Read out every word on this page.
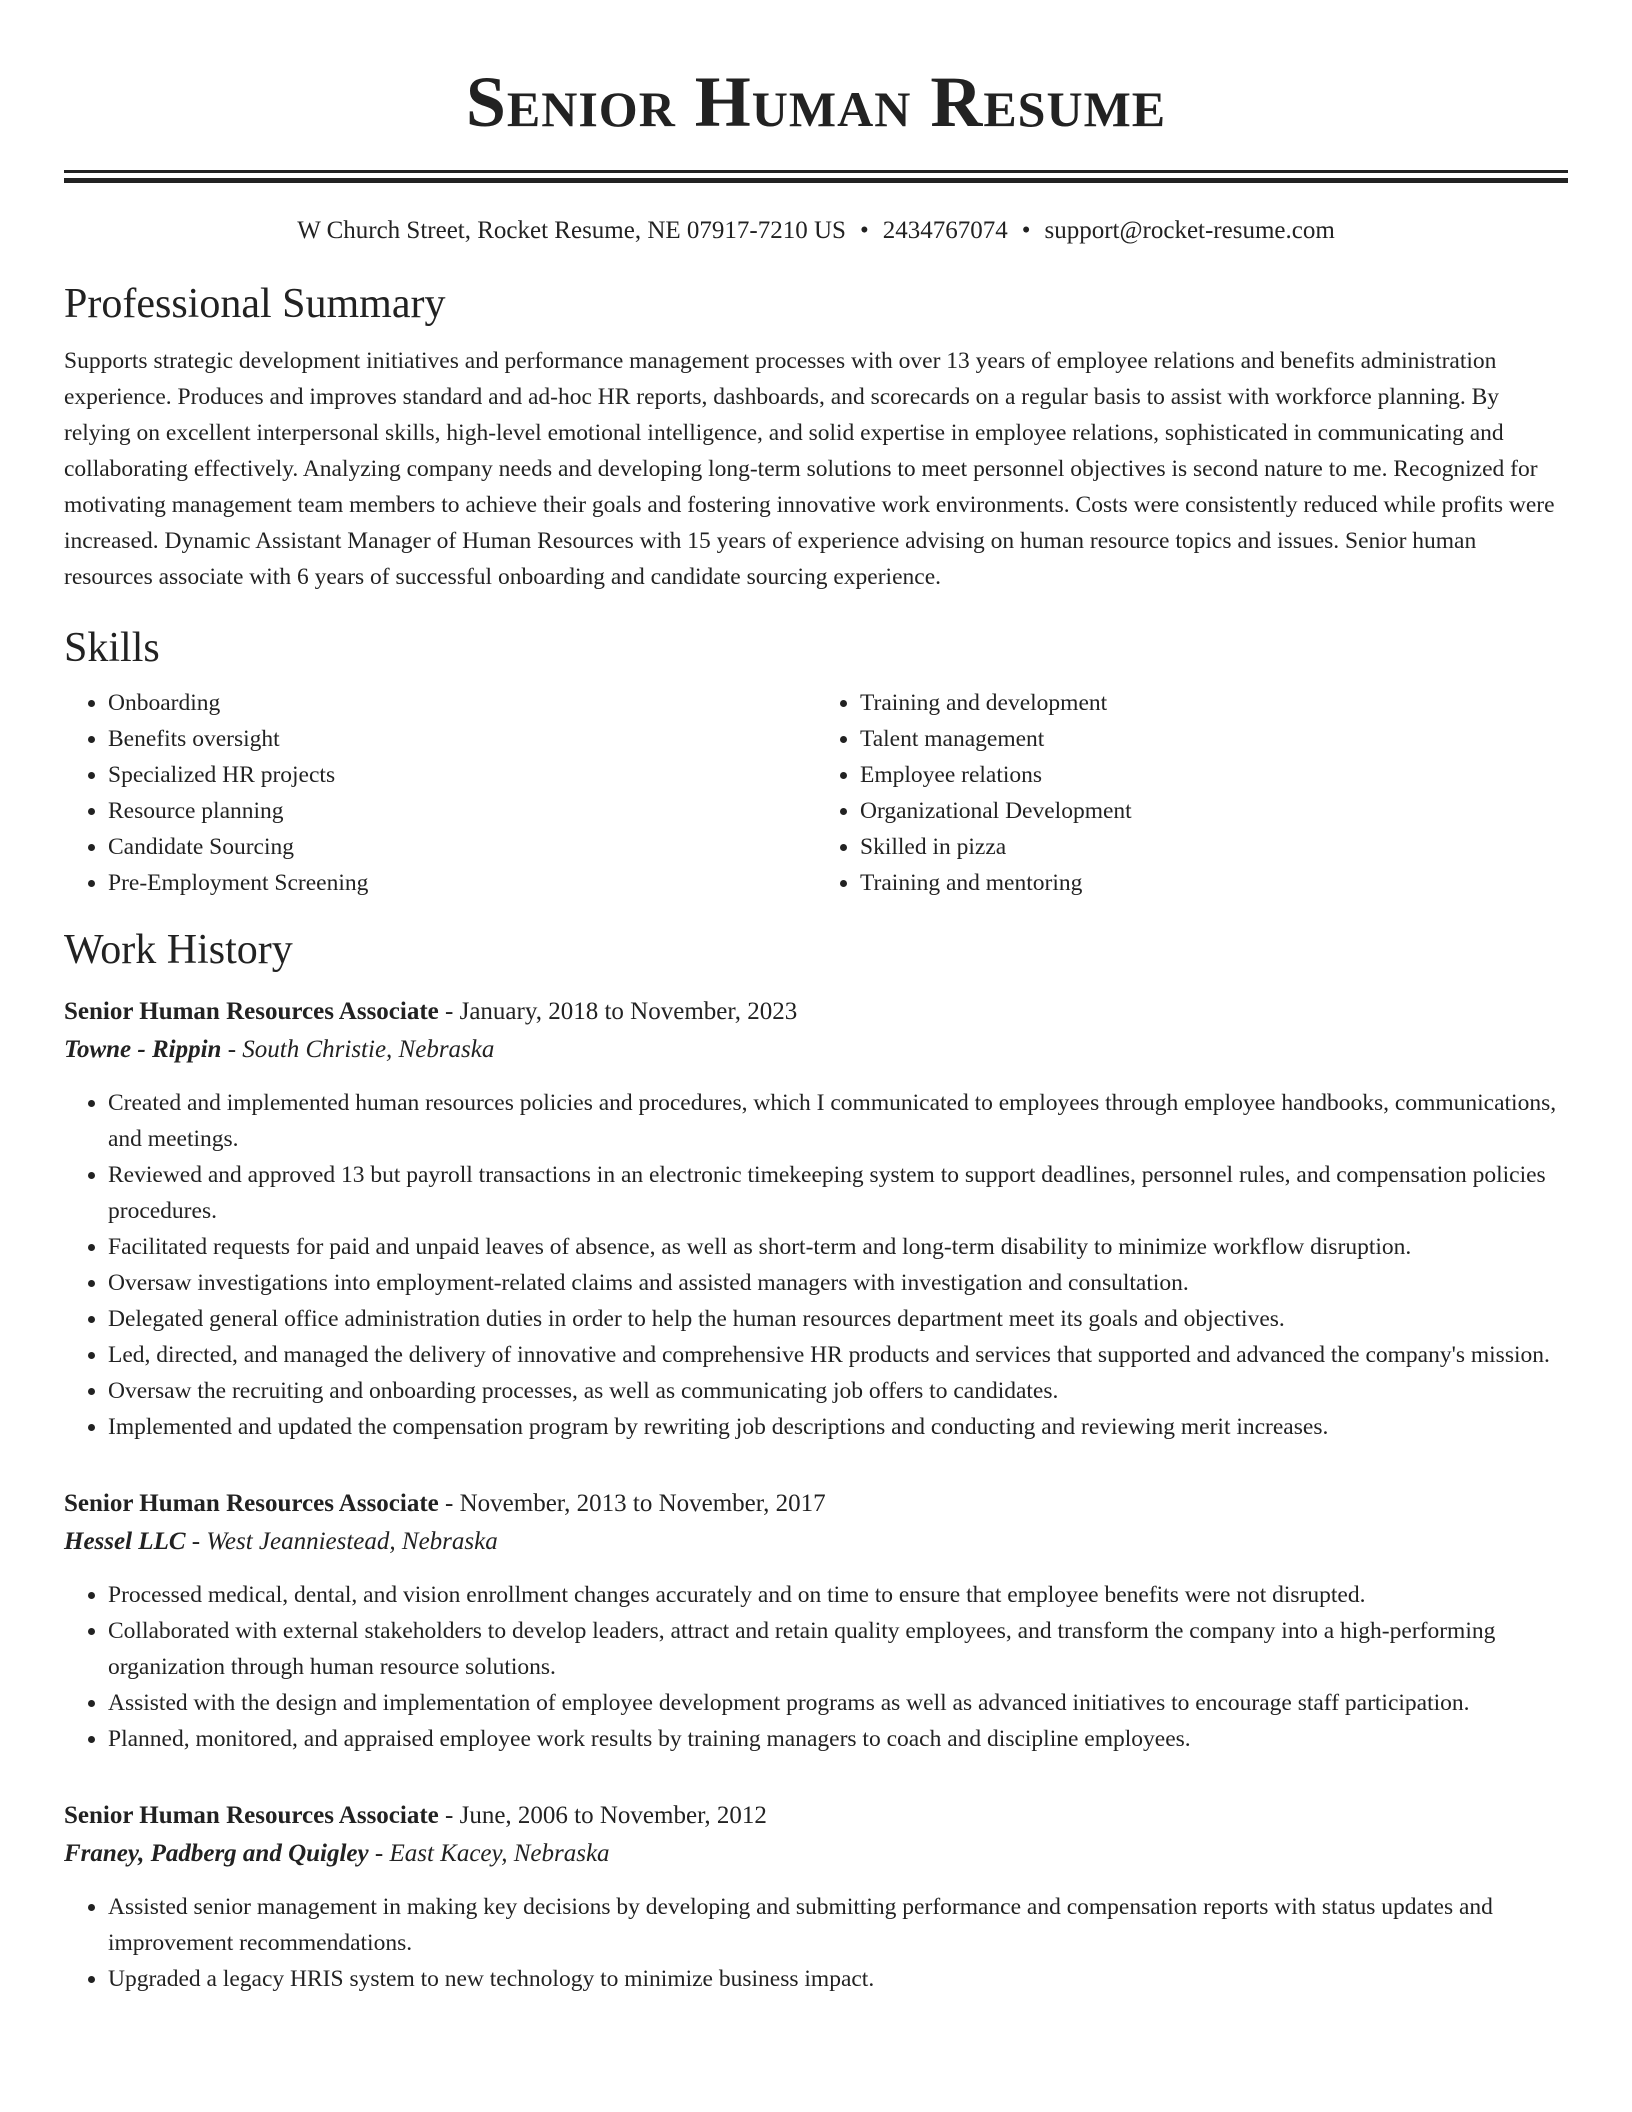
Senior Human Resume
W Church Street, Rocket Resume, NE 07917-7210 US • 2434767074 • support@rocket-resume.com
Professional Summary
Supports strategic development initiatives and performance management processes with over 13 years of employee relations and benefits administration experience. Produces and improves standard and ad-hoc HR reports, dashboards, and scorecards on a regular basis to assist with workforce planning. By relying on excellent interpersonal skills, high-level emotional intelligence, and solid expertise in employee relations, sophisticated in communicating and collaborating effectively. Analyzing company needs and developing long-term solutions to meet personnel objectives is second nature to me. Recognized for motivating management team members to achieve their goals and fostering innovative work environments. Costs were consistently reduced while profits were increased. Dynamic Assistant Manager of Human Resources with 15 years of experience advising on human resource topics and issues. Senior human resources associate with 6 years of successful onboarding and candidate sourcing experience.
Skills
• Onboarding
• Benefits oversight
• Specialized HR projects
• Resource planning
• Candidate Sourcing
• Pre-Employment Screening
• Training and development
• Talent management
• Employee relations
• Organizational Development
• Skilled in pizza
• Training and mentoring
Work History
Senior Human Resources Associate - January, 2018 to November, 2023
Towne - Rippin - South Christie, Nebraska
• Created and implemented human resources policies and procedures, which I communicated to employees through employee handbooks, communications, and meetings.
• Reviewed and approved 13 but payroll transactions in an electronic timekeeping system to support deadlines, personnel rules, and compensation policies procedures.
• Facilitated requests for paid and unpaid leaves of absence, as well as short-term and long-term disability to minimize workflow disruption.
• Oversaw investigations into employment-related claims and assisted managers with investigation and consultation.
• Delegated general office administration duties in order to help the human resources department meet its goals and objectives.
• Led, directed, and managed the delivery of innovative and comprehensive HR products and services that supported and advanced the company's mission.
• Oversaw the recruiting and onboarding processes, as well as communicating job offers to candidates.
• Implemented and updated the compensation program by rewriting job descriptions and conducting and reviewing merit increases.
Senior Human Resources Associate - November, 2013 to November, 2017
Hessel LLC - West Jeanniestead, Nebraska
• Processed medical, dental, and vision enrollment changes accurately and on time to ensure that employee benefits were not disrupted.
• Collaborated with external stakeholders to develop leaders, attract and retain quality employees, and transform the company into a high-performing organization through human resource solutions.
• Assisted with the design and implementation of employee development programs as well as advanced initiatives to encourage staff participation.
• Planned, monitored, and appraised employee work results by training managers to coach and discipline employees.
Senior Human Resources Associate - June, 2006 to November, 2012
Franey, Padberg and Quigley - East Kacey, Nebraska
• Assisted senior management in making key decisions by developing and submitting performance and compensation reports with status updates and improvement recommendations.
• Upgraded a legacy HRIS system to new technology to minimize business impact.
